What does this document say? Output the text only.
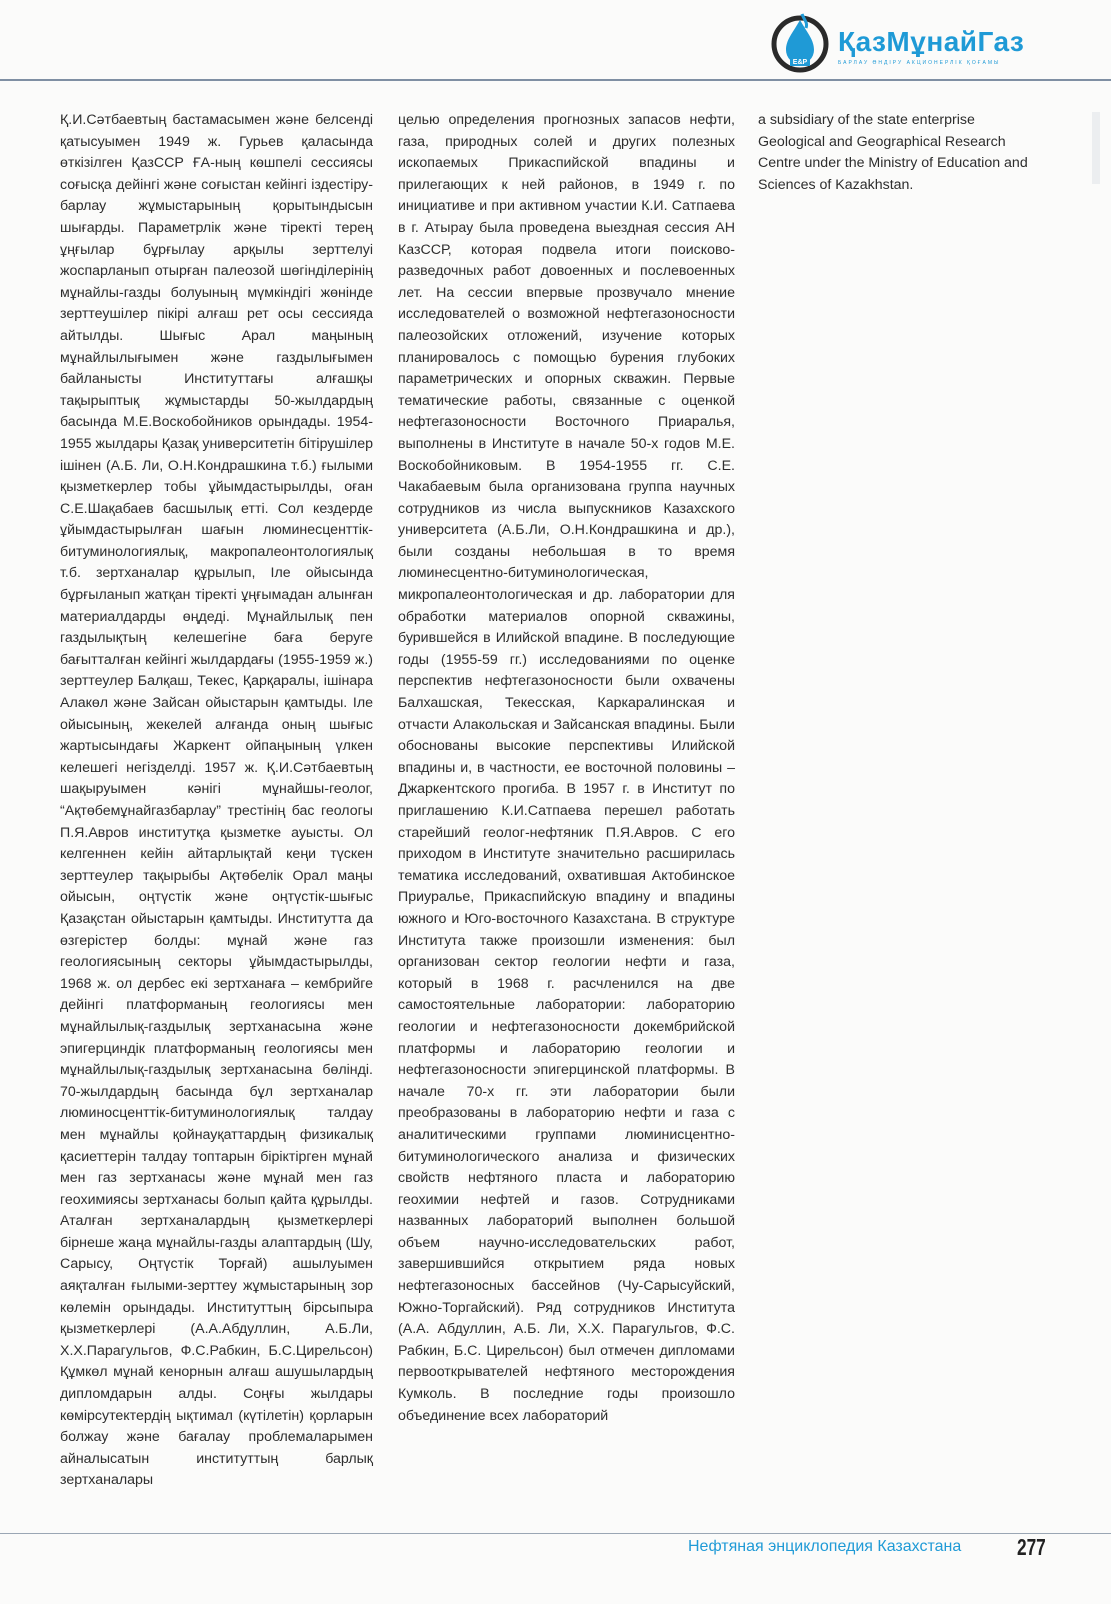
E&P
ҚазМұнайГаз
БАРЛАУ ӨНДІРУ АКЦИОНЕРЛІК ҚОҒАМЫ

Қ.И.Сәтбаевтың бастамасымен және белсенді қатысуымен 1949 ж. Гурьев қаласында өткізілген ҚазССР ҒА-ның көшпелі сессиясы соғысқа дейінгі және соғыстан кейінгі іздестіру-барлау жұмыстарының қорытындысын шығарды. Параметрлік және тіректі терең ұңғылар бұрғылау арқылы зерттелуі жоспарланып отырған палеозой шөгінділерінің мұнайлы-газды болуының мүмкіндігі жөнінде зерттеушілер пікірі алғаш рет осы сессияда айтылды. Шығыс Арал маңының мұнайлылығымен және газдылығымен байланысты Институттағы алғашқы тақырыптық жұмыстарды 50-жылдардың басында М.Е.Воскобойников орындады. 1954-1955 жылдары Қазақ университетін бітірушілер ішінен (А.Б. Ли, О.Н.Кондрашкина т.б.) ғылыми қызметкерлер тобы ұйымдастырылды, оған С.Е.Шақабаев басшылық етті. Сол кездерде ұйымдастырылған шағын люминесценттік-битуминологиялық, макропалеонтологиялық т.б. зертханалар құрылып, Іле ойысында бұрғыланып жатқан тіректі ұңғымадан алынған материалдарды өңдеді. Мұнайлылық пен газдылықтың келешегіне баға беруге бағытталған кейінгі жылдардағы (1955-1959 ж.) зерттеулер Балқаш, Текес, Қарқаралы, ішінара Алакөл және Зайсан ойыстарын қамтыды. Іле ойысының, жекелей алғанда оның шығыс жартысындағы Жаркент ойпаңының үлкен келешегі негізделді. 1957 ж. Қ.И.Сәтбаевтың шақыруымен кәнігі мұнайшы-геолог, “Ақтөбемұнайгазбарлау” трестінің бас геологы П.Я.Авров институтқа қызметке ауысты. Ол келгеннен кейін айтарлықтай кеңи түскен зерттеулер тақырыбы Ақтөбелік Орал маңы ойысын, оңтүстік және оңтүстік-шығыс Қазақстан ойыстарын қамтыды. Институтта да өзгерістер болды: мұнай және газ геологиясының секторы ұйымдастырылды, 1968 ж. ол дербес екі зертханаға – кембрийге дейінгі платформаның геологиясы мен мұнайлылық-газдылық зертханасына және эпигерциндік платформаның геологиясы мен мұнайлылық-газдылық зертханасына бөлінді. 70-жылдардың басында бұл зертханалар люминосценттік-битуминологиялық талдау мен мұнайлы қойнауқаттардың физикалық қасиеттерін талдау топтарын біріктірген мұнай мен газ зертханасы және мұнай мен газ геохимиясы зертханасы болып қайта құрылды. Аталған зертханалардың қызметкерлері бірнеше жаңа мұнайлы-газды алаптардың (Шу, Сарысу, Оңтүстік Торғай) ашылуымен аяқталған ғылыми-зерттеу жұмыстарының зор көлемін орындады. Институттың бірсыпыра қызметкерлері (А.А.Абдуллин, А.Б.Ли, Х.Х.Парагульгов, Ф.С.Рабкин, Б.С.Цирельсон) Құмкөл мұнай кенорнын алғаш ашушылардың дипломдарын алды. Соңғы жылдары көмірсутектердің ықтимал (күтілетін) қорларын болжау және бағалау проблемаларымен айналысатын институттың барлық зертханалары

целью определения прогнозных запасов нефти, газа, природных солей и других полезных ископаемых Прикаспийской впадины и прилегающих к ней районов, в 1949 г. по инициативе и при активном участии К.И. Сатпаева в г. Атырау была проведена выездная сессия АН КазССР, которая подвела итоги поисково-разведочных работ довоенных и послевоенных лет. На сессии впервые прозвучало мнение исследователей о возможной нефтегазоносности палеозойских отложений, изучение которых планировалось с помощью бурения глубоких параметрических и опорных скважин. Первые тематические работы, связанные с оценкой нефтегазоносности Восточного Приаралья, выполнены в Институте в начале 50-х годов М.Е. Воскобойниковым. В 1954-1955 гг. С.Е. Чакабаевым была организована группа научных сотрудников из числа выпускников Казахского университета (А.Б.Ли, О.Н.Кондрашкина и др.), были созданы небольшая в то время люминесцентно-битуминологическая, микропалеонтологическая и др. лаборатории для обработки материалов опорной скважины, бурившейся в Илийской впадине. В последующие годы (1955-59 гг.) исследованиями по оценке перспектив нефтегазоносности были охвачены Балхашская, Текесская, Каркаралинская и отчасти Алакольская и Зайсанская впадины. Были обоснованы высокие перспективы Илийской впадины и, в частности, ее восточной половины – Джаркентского прогиба. В 1957 г. в Институт по приглашению К.И.Сатпаева перешел работать старейший геолог-нефтяник П.Я.Авров. С его приходом в Институте значительно расширилась тематика исследований, охватившая Актобинское Приуралье, Прикаспийскую впадину и впадины южного и Юго-восточного Казахстана. В структуре Института также произошли изменения: был организован сектор геологии нефти и газа, который в 1968 г. расчленился на две самостоятельные лаборатории: лабораторию геологии и нефтегазоносности докембрийской платформы и лабораторию геологии и нефтегазоносности эпигерцинской платформы. В начале 70-х гг. эти лаборатории были преобразованы в лабораторию нефти и газа с аналитическими группами люминисцентно-битуминологического анализа и физических свойств нефтяного пласта и лабораторию геохимии нефтей и газов. Сотрудниками названных лабораторий выполнен большой объем научно-исследовательских работ, завершившийся открытием ряда новых нефтегазоносных бассейнов (Чу-Сарысуйский, Южно-Торгайский). Ряд сотрудников Института (А.А. Абдуллин, А.Б. Ли, Х.Х. Парагульгов, Ф.С. Рабкин, Б.С. Цирельсон) был отмечен дипломами первооткрывателей нефтяного месторождения Кумколь. В последние годы произошло объединение всех лабораторий

a subsidiary of the state enterprise Geological and Geographical Research Centre under the Ministry of Education and Sciences of Kazakhstan.

Нефтяная энциклопедия Казахстана 277
